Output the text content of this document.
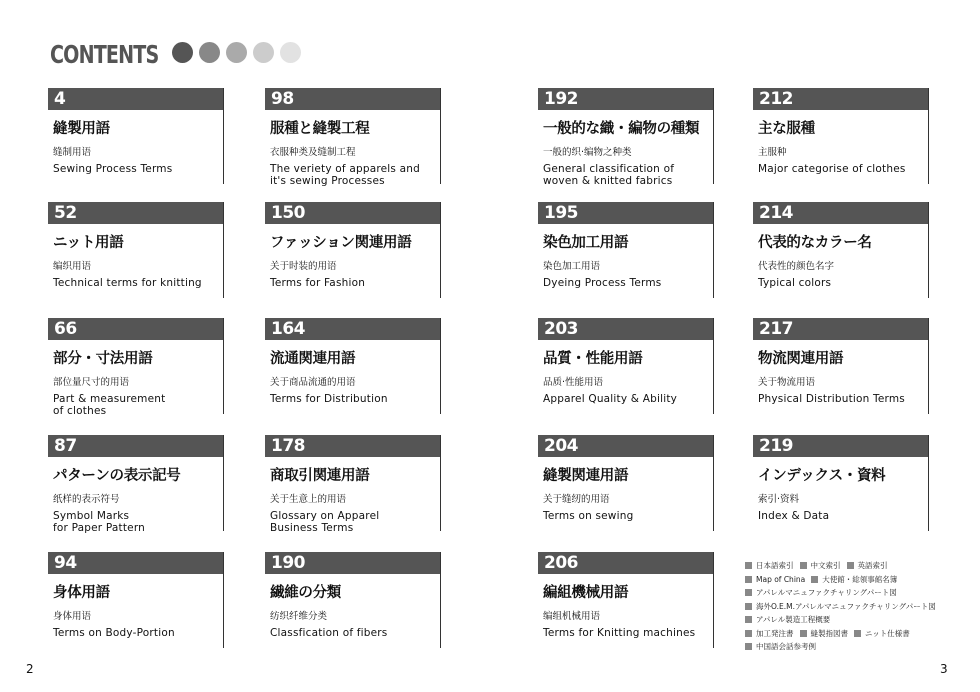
CONTENTS
4
縫製用語
缝制用语
Sewing Process Terms
98
服種と縫製工程
衣服种类及缝制工程
The veriety of apparels and
it's sewing Processes
192
一般的な織・編物の種類
一般的织·编物之种类
General classification of
woven & knitted fabrics
212
主な服種
主服种
Major categorise of clothes
52
ニット用語
编织用语
Technical terms for knitting
150
ファッション関連用語
关于时装的用语
Terms for Fashion
195
染色加工用語
染色加工用语
Dyeing Process Terms
214
代表的なカラー名
代表性的颜色名字
Typical colors
66
部分・寸法用語
部位量尺寸的用语
Part & measurement
of clothes
164
流通関連用語
关于商品流通的用语
Terms for Distribution
203
品質・性能用語
品质·性能用语
Apparel Quality & Ability
217
物流関連用語
关于物流用语
Physical Distribution Terms
87
パターンの表示記号
纸样的表示符号
Symbol Marks
for Paper Pattern
178
商取引関連用語
关于生意上的用语
Glossary on Apparel
Business Terms
204
縫製関連用語
关于缝纫的用语
Terms on sewing
219
インデックス・資料
索引·资料
Index & Data
94
身体用語
身体用语
Terms on Body-Portion
190
繊維の分類
纺织纤维分类
Classfication of fibers
206
編組機械用語
编组机械用语
Terms for Knitting machines
日本語索引 中文索引 英語索引
Map of China 大使館・総領事館名簿
アパレルマニュファクチャリングパート図
海外O.E.M.アパレルマニュファクチャリングパート図
アパレル製造工程概要
加工発注書 縫製指図書 ニット仕様書
中国語会話参考例
2	3
